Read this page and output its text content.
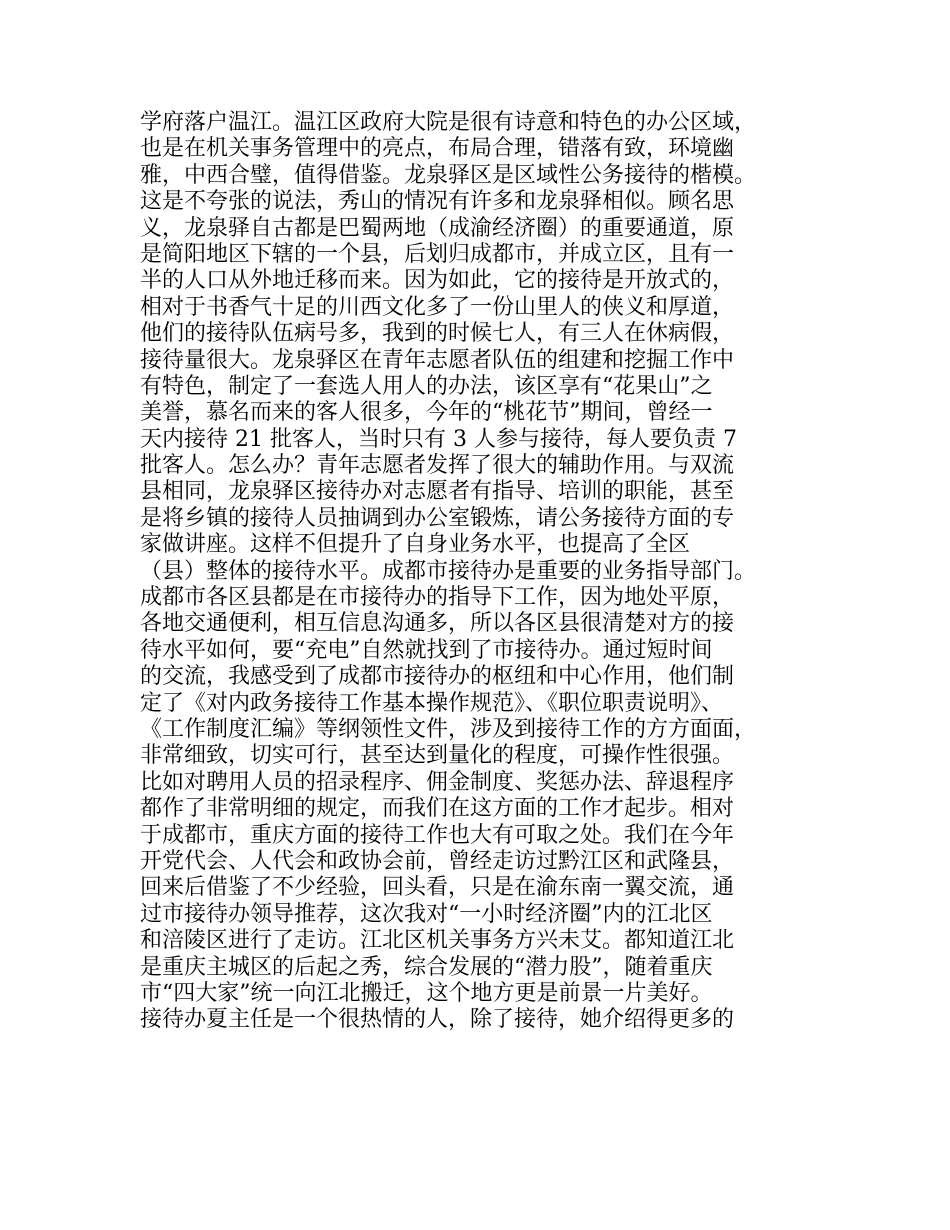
学府落户温江。温江区政府大院是很有诗意和特色的办公区域，
也是在机关事务管理中的亮点，布局合理，错落有致，环境幽
雅，中西合璧，值得借鉴。龙泉驿区是区域性公务接待的楷模。
这是不夸张的说法，秀山的情况有许多和龙泉驿相似。顾名思
义，龙泉驿自古都是巴蜀两地（成渝经济圈）的重要通道，原
是简阳地区下辖的一个县，后划归成都市，并成立区，且有一
半的人口从外地迁移而来。因为如此，它的接待是开放式的，
相对于书香气十足的川西文化多了一份山里人的侠义和厚道，
他们的接待队伍病号多，我到的时候七人，有三人在休病假，
接待量很大。龙泉驿区在青年志愿者队伍的组建和挖掘工作中
有特色，制定了一套选人用人的办法，该区享有“花果山”之
美誉，慕名而来的客人很多，今年的“桃花节”期间，曾经一
天内接待 21 批客人，当时只有 3 人参与接待，每人要负责 7
批客人。怎么办？青年志愿者发挥了很大的辅助作用。与双流
县相同，龙泉驿区接待办对志愿者有指导、培训的职能，甚至
是将乡镇的接待人员抽调到办公室锻炼，请公务接待方面的专
家做讲座。这样不但提升了自身业务水平，也提高了全区
（县）整体的接待水平。成都市接待办是重要的业务指导部门。
成都市各区县都是在市接待办的指导下工作，因为地处平原，
各地交通便利，相互信息沟通多，所以各区县很清楚对方的接
待水平如何，要“充电”自然就找到了市接待办。通过短时间
的交流，我感受到了成都市接待办的枢纽和中心作用，他们制
定了《对内政务接待工作基本操作规范》、《职位职责说明》、
《工作制度汇编》等纲领性文件，涉及到接待工作的方方面面，
非常细致，切实可行，甚至达到量化的程度，可操作性很强。
比如对聘用人员的招录程序、佣金制度、奖惩办法、辞退程序
都作了非常明细的规定，而我们在这方面的工作才起步。相对
于成都市，重庆方面的接待工作也大有可取之处。我们在今年
开党代会、人代会和政协会前，曾经走访过黔江区和武隆县，
回来后借鉴了不少经验，回头看，只是在渝东南一翼交流，通
过市接待办领导推荐，这次我对“一小时经济圈”内的江北区
和涪陵区进行了走访。江北区机关事务方兴未艾。都知道江北
是重庆主城区的后起之秀，综合发展的“潜力股”，随着重庆
市“四大家”统一向江北搬迁，这个地方更是前景一片美好。
接待办夏主任是一个很热情的人，除了接待，她介绍得更多的
